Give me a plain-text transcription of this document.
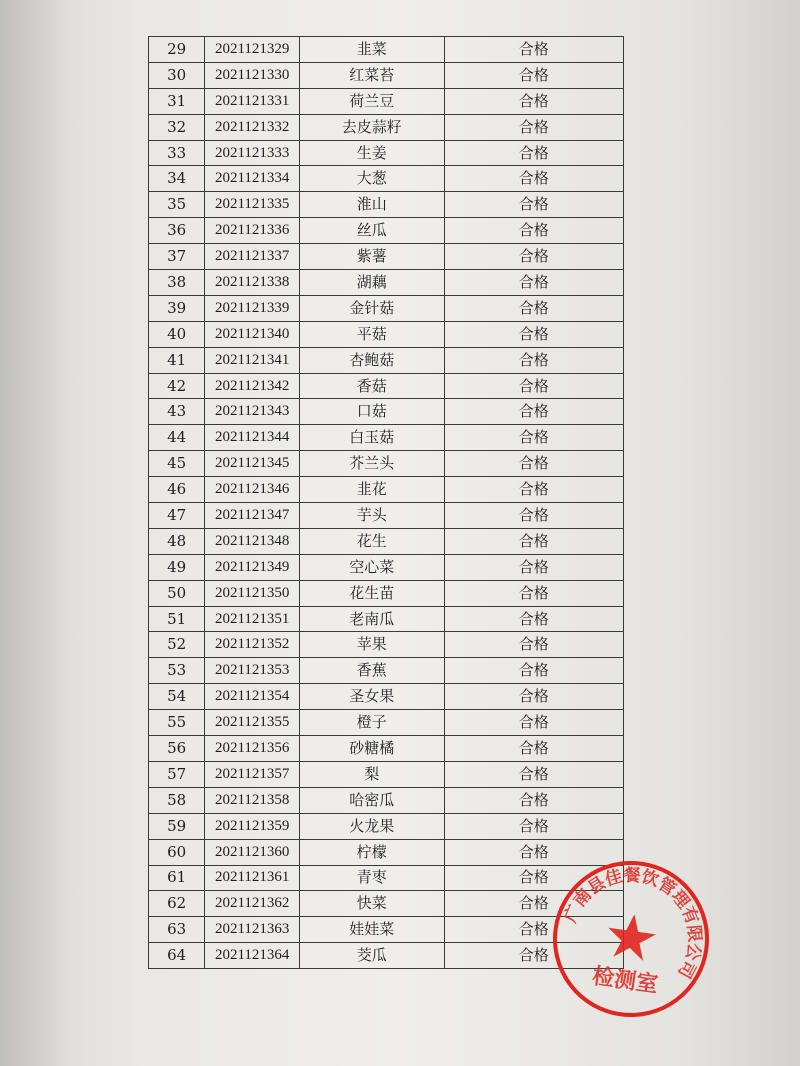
29	2021121329	韭菜	合格
30	2021121330	红菜苔	合格
31	2021121331	荷兰豆	合格
32	2021121332	去皮蒜籽	合格
33	2021121333	生姜	合格
34	2021121334	大葱	合格
35	2021121335	淮山	合格
36	2021121336	丝瓜	合格
37	2021121337	紫薯	合格
38	2021121338	湖藕	合格
39	2021121339	金针菇	合格
40	2021121340	平菇	合格
41	2021121341	杏鲍菇	合格
42	2021121342	香菇	合格
43	2021121343	口菇	合格
44	2021121344	白玉菇	合格
45	2021121345	芥兰头	合格
46	2021121346	韭花	合格
47	2021121347	芋头	合格
48	2021121348	花生	合格
49	2021121349	空心菜	合格
50	2021121350	花生苗	合格
51	2021121351	老南瓜	合格
52	2021121352	苹果	合格
53	2021121353	香蕉	合格
54	2021121354	圣女果	合格
55	2021121355	橙子	合格
56	2021121356	砂糖橘	合格
57	2021121357	梨	合格
58	2021121358	哈密瓜	合格
59	2021121359	火龙果	合格
60	2021121360	柠檬	合格
61	2021121361	青枣	合格
62	2021121362	快菜	合格
63	2021121363	娃娃菜	合格
64	2021121364	茭瓜	合格
广南县佳餐饮管理有限公司
检测室
